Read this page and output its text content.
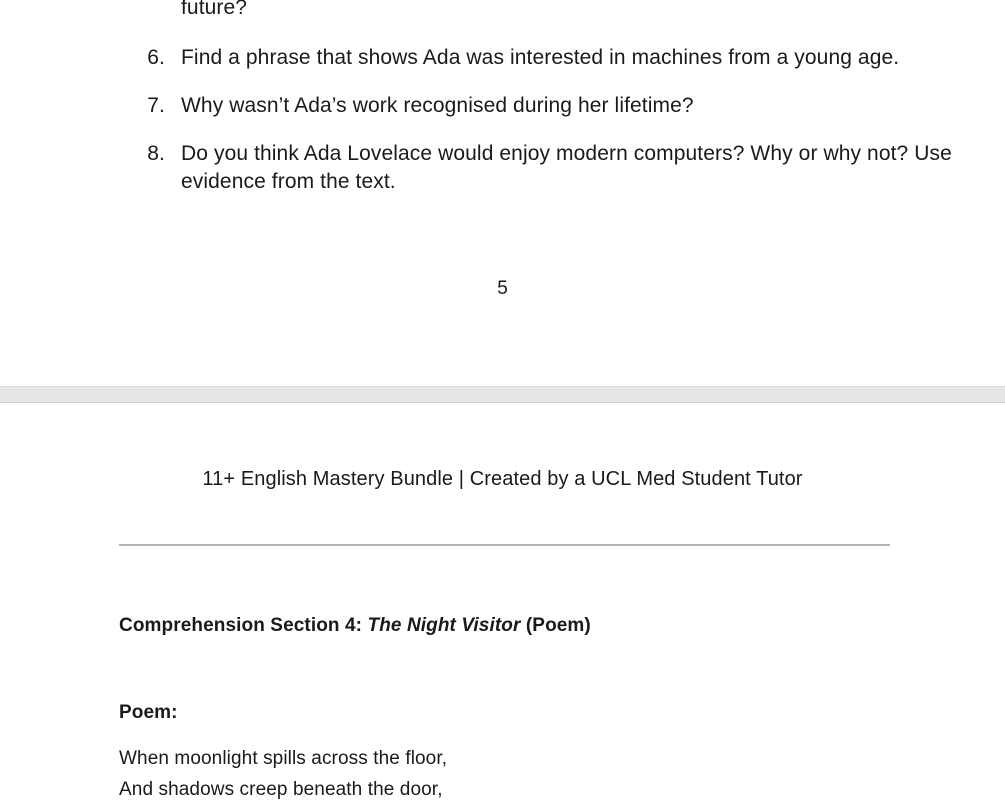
future?
6. Find a phrase that shows Ada was interested in machines from a young age.
7. Why wasn’t Ada’s work recognised during her lifetime?
8. Do you think Ada Lovelace would enjoy modern computers? Why or why not? Use evidence from the text.
5
11+ English Mastery Bundle | Created by a UCL Med Student Tutor
Comprehension Section 4: The Night Visitor (Poem)
Poem:
When moonlight spills across the floor,
And shadows creep beneath the door,
